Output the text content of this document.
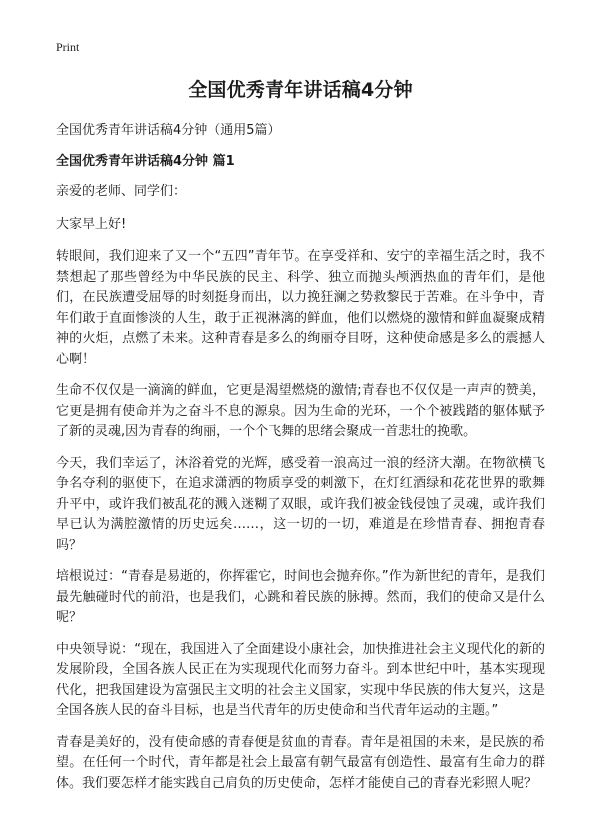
Print
全国优秀青年讲话稿4分钟
全国优秀青年讲话稿4分钟（通用5篇）
全国优秀青年讲话稿4分钟 篇1

亲爱的老师、同学们：

大家早上好!

转眼间，我们迎来了又一个“五四”青年节。在享受祥和、安宁的幸福生活之时，我不禁想起了那些曾经为中华民族的民主、科学、独立而抛头颅洒热血的青年们，是他们，在民族遭受屈辱的时刻挺身而出，以力挽狂澜之势救黎民于苦难。在斗争中，青年们敢于直面惨淡的人生，敢于正视淋漓的鲜血，他们以燃烧的激情和鲜血凝聚成精神的火炬，点燃了未来。这种青春是多么的绚丽夺目呀，这种使命感是多么的震撼人心啊！

生命不仅仅是一滴滴的鲜血，它更是渴望燃烧的激情;青春也不仅仅是一声声的赞美，它更是拥有使命并为之奋斗不息的源泉。因为生命的光环，一个个被践踏的躯体赋予了新的灵魂,因为青春的绚丽，一个个飞舞的思绪会聚成一首悲壮的挽歌。

今天，我们幸运了，沐浴着党的光辉，感受着一浪高过一浪的经济大潮。在物欲横飞争名夺利的驱使下，在追求潇洒的物质享受的刺激下，在灯红酒绿和花花世界的歌舞升平中，或许我们被乱花的溅入迷糊了双眼，或许我们被金钱侵蚀了灵魂，或许我们早已认为满腔激情的历史远矣……，这一切的一切，难道是在珍惜青春、拥抱青春吗？

培根说过：“青春是易逝的，你挥霍它，时间也会抛弃你。”作为新世纪的青年，是我们最先触碰时代的前沿，也是我们，心跳和着民族的脉搏。然而，我们的使命又是什么呢？

中央领导说：“现在，我国进入了全面建设小康社会，加快推进社会主义现代化的新的发展阶段，全国各族人民正在为实现现代化而努力奋斗。到本世纪中叶，基本实现现代化，把我国建设为富强民主文明的社会主义国家，实现中华民族的伟大复兴，这是全国各族人民的奋斗目标，也是当代青年的历史使命和当代青年运动的主题。”

青春是美好的，没有使命感的青春便是贫血的青春。青年是祖国的未来，是民族的希望。在任何一个时代，青年都是社会上最富有朝气最富有创造性、最富有生命力的群体。我们要怎样才能实践自己肩负的历史使命，怎样才能使自己的青春光彩照人呢？
